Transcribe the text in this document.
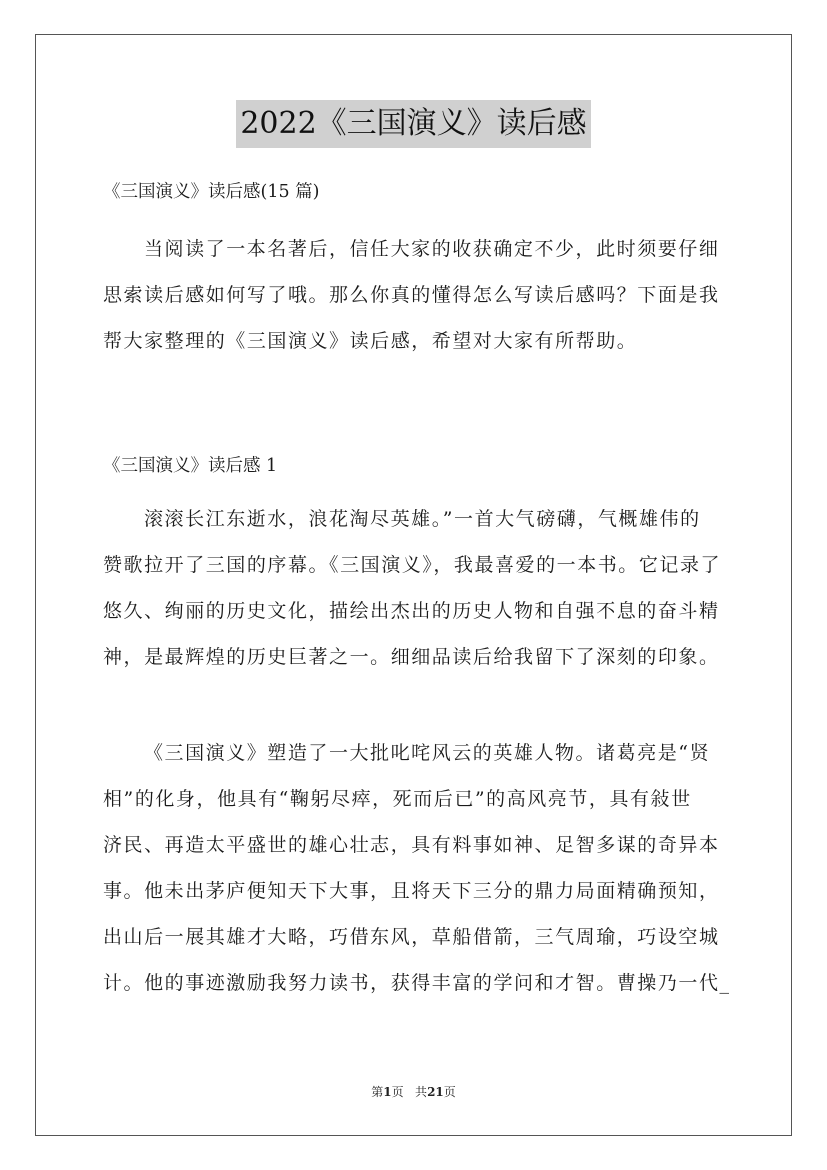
2022《三国演义》读后感
《三国演义》读后感(15 篇)
当阅读了一本名著后，信任大家的收获确定不少，此时须要仔细
思索读后感如何写了哦。那么你真的懂得怎么写读后感吗？下面是我
帮大家整理的《三国演义》读后感，希望对大家有所帮助。
《三国演义》读后感 1
滚滚长江东逝水，浪花淘尽英雄。”一首大气磅礴，气概雄伟的
赞歌拉开了三国的序幕。《三国演义》，我最喜爱的一本书。它记录了
悠久、绚丽的历史文化，描绘出杰出的历史人物和自强不息的奋斗精
神，是最辉煌的历史巨著之一。细细品读后给我留下了深刻的印象。
《三国演义》塑造了一大批叱咤风云的英雄人物。诸葛亮是“贤
相”的化身，他具有“鞠躬尽瘁，死而后已”的高风亮节，具有敍世
济民、再造太平盛世的雄心壮志，具有料事如神、足智多谋的奇异本
事。他未出茅庐便知天下大事，且将天下三分的鼎力局面精确预知，
出山后一展其雄才大略，巧借东风，草船借箭，三气周瑜，巧设空城
计。他的事迹激励我努力读书，获得丰富的学问和才智。曹操乃一代_
第1页 共21页
